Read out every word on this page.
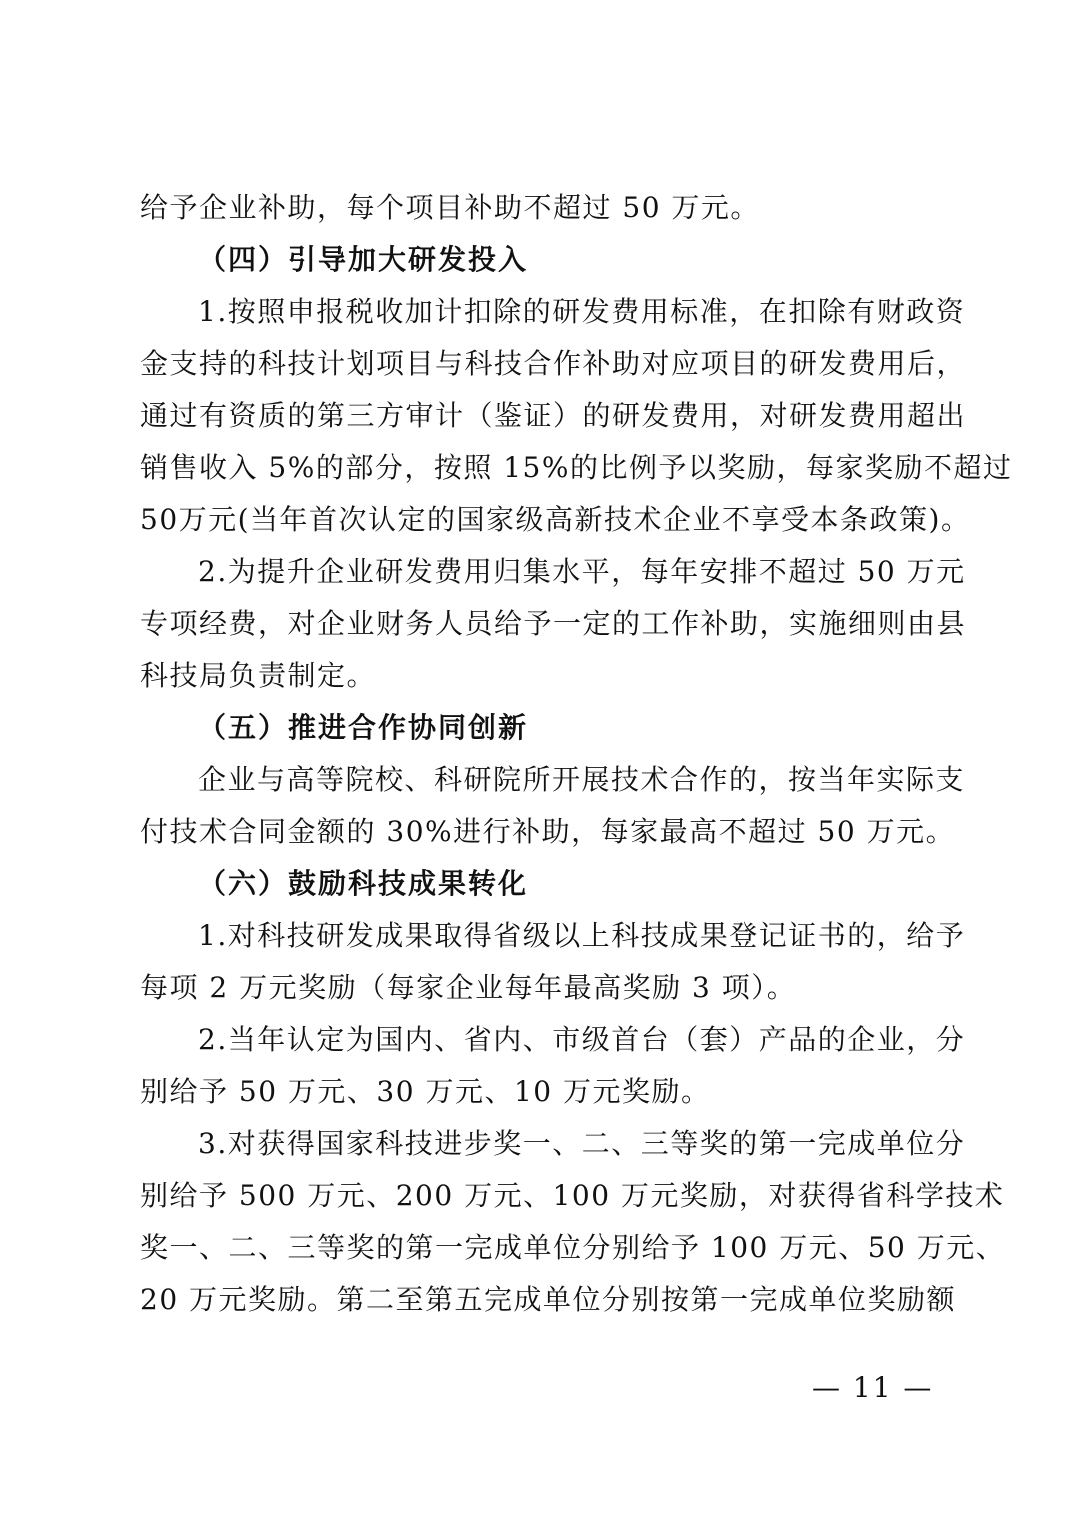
给予企业补助，每个项目补助不超过 50 万元。
（四）引导加大研发投入
1.按照申报税收加计扣除的研发费用标准，在扣除有财政资
金支持的科技计划项目与科技合作补助对应项目的研发费用后，
通过有资质的第三方审计（鉴证）的研发费用，对研发费用超出
销售收入 5%的部分，按照 15%的比例予以奖励，每家奖励不超过
50万元(当年首次认定的国家级高新技术企业不享受本条政策)。
2.为提升企业研发费用归集水平，每年安排不超过 50 万元
专项经费，对企业财务人员给予一定的工作补助，实施细则由县
科技局负责制定。
（五）推进合作协同创新
企业与高等院校、科研院所开展技术合作的，按当年实际支
付技术合同金额的 30%进行补助，每家最高不超过 50 万元。
（六）鼓励科技成果转化
1.对科技研发成果取得省级以上科技成果登记证书的，给予
每项 2 万元奖励（每家企业每年最高奖励 3 项）。
2.当年认定为国内、省内、市级首台（套）产品的企业，分
别给予 50 万元、30 万元、10 万元奖励。
3.对获得国家科技进步奖一、二、三等奖的第一完成单位分
别给予 500 万元、200 万元、100 万元奖励，对获得省科学技术
奖一、二、三等奖的第一完成单位分别给予 100 万元、50 万元、
20 万元奖励。第二至第五完成单位分别按第一完成单位奖励额
— 11 —
